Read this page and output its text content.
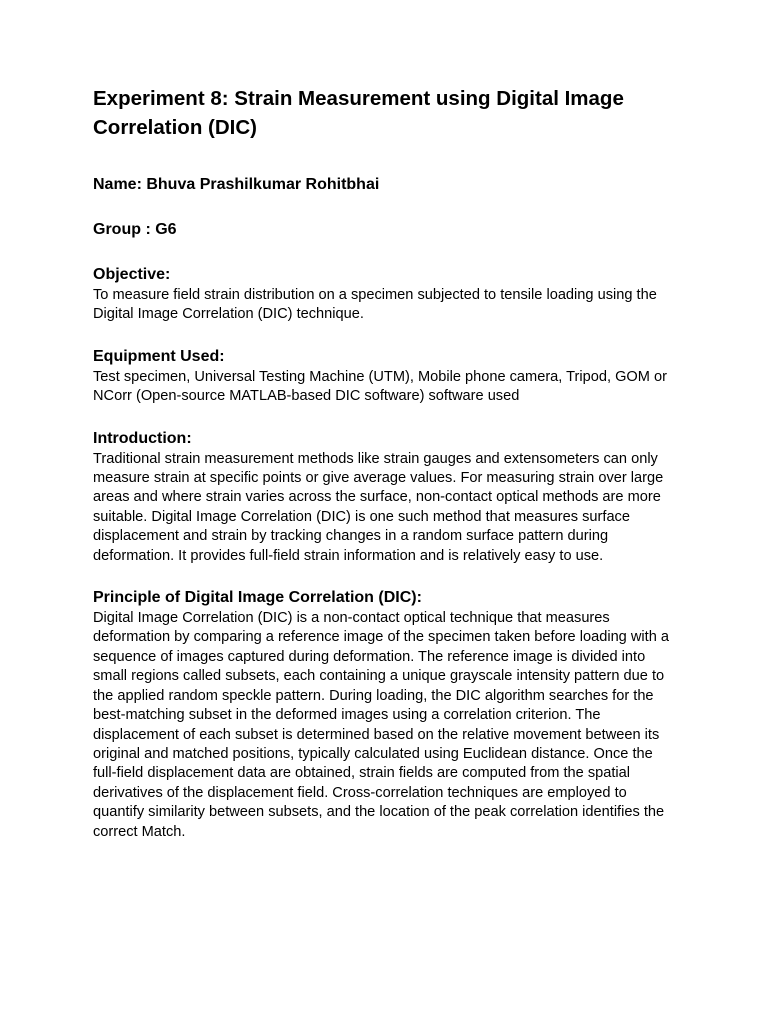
Experiment 8: Strain Measurement using Digital Image Correlation (DIC)

Name: Bhuva Prashilkumar Rohitbhai

Group : G6

Objective:

To measure field strain distribution on a specimen subjected to tensile loading using the Digital Image Correlation (DIC) technique.

Equipment Used:

Test specimen, Universal Testing Machine (UTM), Mobile phone camera, Tripod, GOM or NCorr (Open-source MATLAB-based DIC software) software used

Introduction:

Traditional strain measurement methods like strain gauges and extensometers can only measure strain at specific points or give average values. For measuring strain over large areas and where strain varies across the surface, non-contact optical methods are more suitable. Digital Image Correlation (DIC) is one such method that measures surface displacement and strain by tracking changes in a random surface pattern during deformation. It provides full-field strain information and is relatively easy to use.

Principle of Digital Image Correlation (DIC):

Digital Image Correlation (DIC) is a non-contact optical technique that measures deformation by comparing a reference image of the specimen taken before loading with a sequence of images captured during deformation. The reference image is divided into small regions called subsets, each containing a unique grayscale intensity pattern due to the applied random speckle pattern. During loading, the DIC algorithm searches for the best-matching subset in the deformed images using a correlation criterion. The displacement of each subset is determined based on the relative movement between its original and matched positions, typically calculated using Euclidean distance. Once the full-field displacement data are obtained, strain fields are computed from the spatial derivatives of the displacement field. Cross-correlation techniques are employed to quantify similarity between subsets, and the location of the peak correlation identifies the correct Match.
